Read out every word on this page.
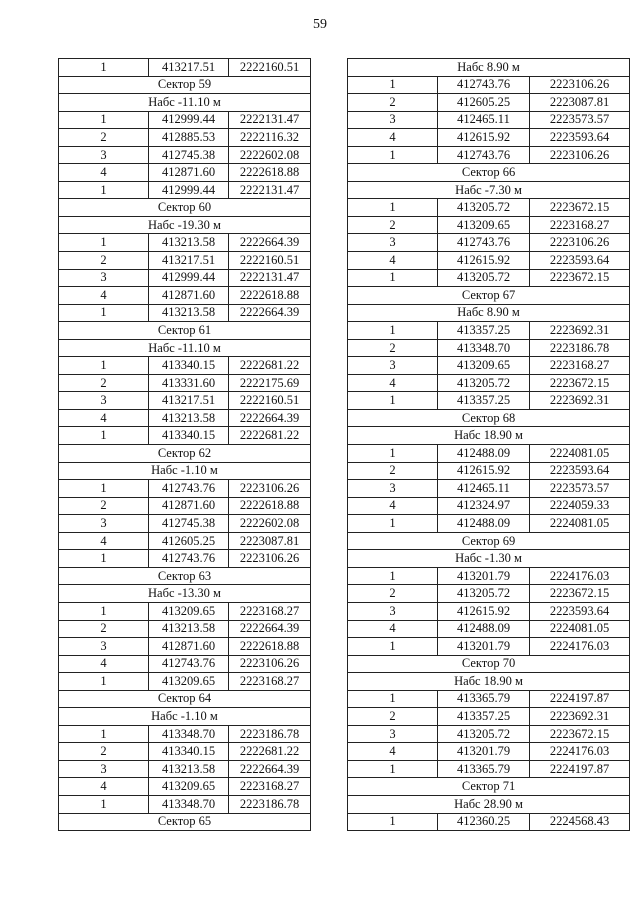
59
1	413217.51	2222160.51
Сектор 59		
Набс -11.10 м		
1	412999.44	2222131.47
2	412885.53	2222116.32
3	412745.38	2222602.08
4	412871.60	2222618.88
1	412999.44	2222131.47
Сектор 60		
Набс -19.30 м		
1	413213.58	2222664.39
2	413217.51	2222160.51
3	412999.44	2222131.47
4	412871.60	2222618.88
1	413213.58	2222664.39
Сектор 61		
Набс -11.10 м		
1	413340.15	2222681.22
2	413331.60	2222175.69
3	413217.51	2222160.51
4	413213.58	2222664.39
1	413340.15	2222681.22
Сектор 62		
Набс -1.10 м		
1	412743.76	2223106.26
2	412871.60	2222618.88
3	412745.38	2222602.08
4	412605.25	2223087.81
1	412743.76	2223106.26
Сектор 63		
Набс -13.30 м		
1	413209.65	2223168.27
2	413213.58	2222664.39
3	412871.60	2222618.88
4	412743.76	2223106.26
1	413209.65	2223168.27
Сектор 64		
Набс -1.10 м		
1	413348.70	2223186.78
2	413340.15	2222681.22
3	413213.58	2222664.39
4	413209.65	2223168.27
1	413348.70	2223186.78
Сектор 65		
Набс 8.90 м		
1	412743.76	2223106.26
2	412605.25	2223087.81
3	412465.11	2223573.57
4	412615.92	2223593.64
1	412743.76	2223106.26
Сектор 66		
Набс -7.30 м		
1	413205.72	2223672.15
2	413209.65	2223168.27
3	412743.76	2223106.26
4	412615.92	2223593.64
1	413205.72	2223672.15
Сектор 67		
Набс 8.90 м		
1	413357.25	2223692.31
2	413348.70	2223186.78
3	413209.65	2223168.27
4	413205.72	2223672.15
1	413357.25	2223692.31
Сектор 68		
Набс 18.90 м		
1	412488.09	2224081.05
2	412615.92	2223593.64
3	412465.11	2223573.57
4	412324.97	2224059.33
1	412488.09	2224081.05
Сектор 69		
Набс -1.30 м		
1	413201.79	2224176.03
2	413205.72	2223672.15
3	412615.92	2223593.64
4	412488.09	2224081.05
1	413201.79	2224176.03
Сектор 70		
Набс 18.90 м		
1	413365.79	2224197.87
2	413357.25	2223692.31
3	413205.72	2223672.15
4	413201.79	2224176.03
1	413365.79	2224197.87
Сектор 71		
Набс 28.90 м		
1	412360.25	2224568.43
